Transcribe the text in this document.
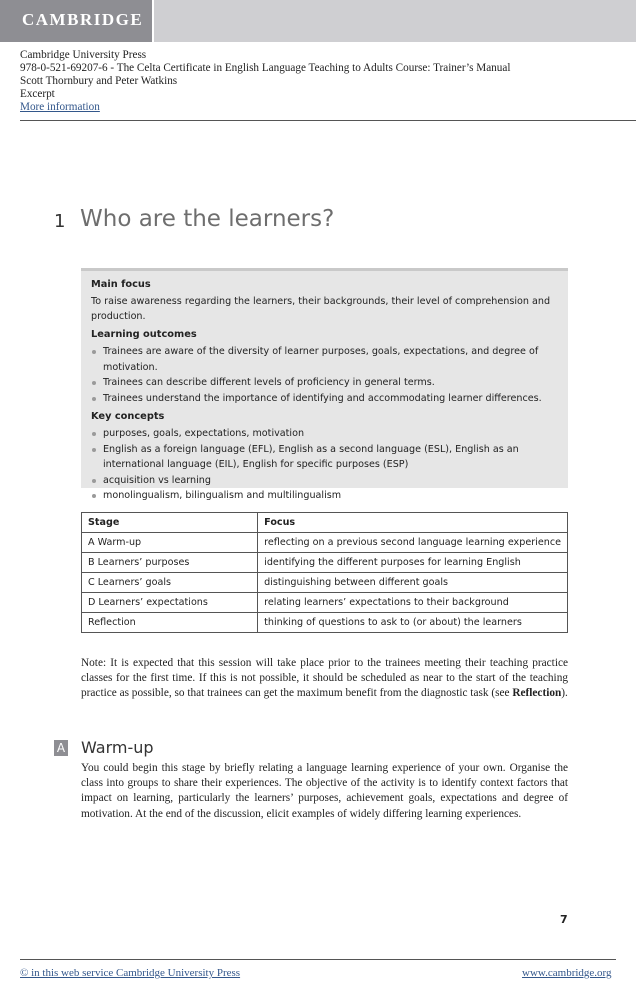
CAMBRIDGE
Cambridge University Press
978-0-521-69207-6 - The Celta Certificate in English Language Teaching to Adults Course: Trainer’s Manual
Scott Thornbury and Peter Watkins
Excerpt
More information
1 Who are the learners?
Main focus

To raise awareness regarding the learners, their backgrounds, their level of comprehension and production.

Learning outcomes
Trainees are aware of the diversity of learner purposes, goals, expectations, and degree of motivation.
Trainees can describe different levels of proficiency in general terms.
Trainees understand the importance of identifying and accommodating learner differences.
Key concepts
purposes, goals, expectations, motivation
English as a foreign language (EFL), English as a second language (ESL), English as an international language (EIL), English for specific purposes (ESP)
acquisition vs learning
monolingualism, bilingualism and multilingualism
Stage	Focus
A Warm-up	reflecting on a previous second language learning experience
B Learners’ purposes	identifying the different purposes for learning English
C Learners’ goals	distinguishing between different goals
D Learners’ expectations	relating learners’ expectations to their background
Reflection	thinking of questions to ask to (or about) the learners
Note: It is expected that this session will take place prior to the trainees meeting their teaching practice classes for the first time. If this is not possible, it should be scheduled as near to the start of the teaching practice as possible, so that trainees can get the maximum benefit from the diagnostic task (see Reflection).
A Warm-up
You could begin this stage by briefly relating a language learning experience of your own. Organise the class into groups to share their experiences. The objective of the activity is to identify context factors that impact on learning, particularly the learners’ purposes, achievement goals, expectations and degree of motivation. At the end of the discussion, elicit examples of widely differing learning experiences.
7
© in this web service Cambridge University Press	www.cambridge.org
